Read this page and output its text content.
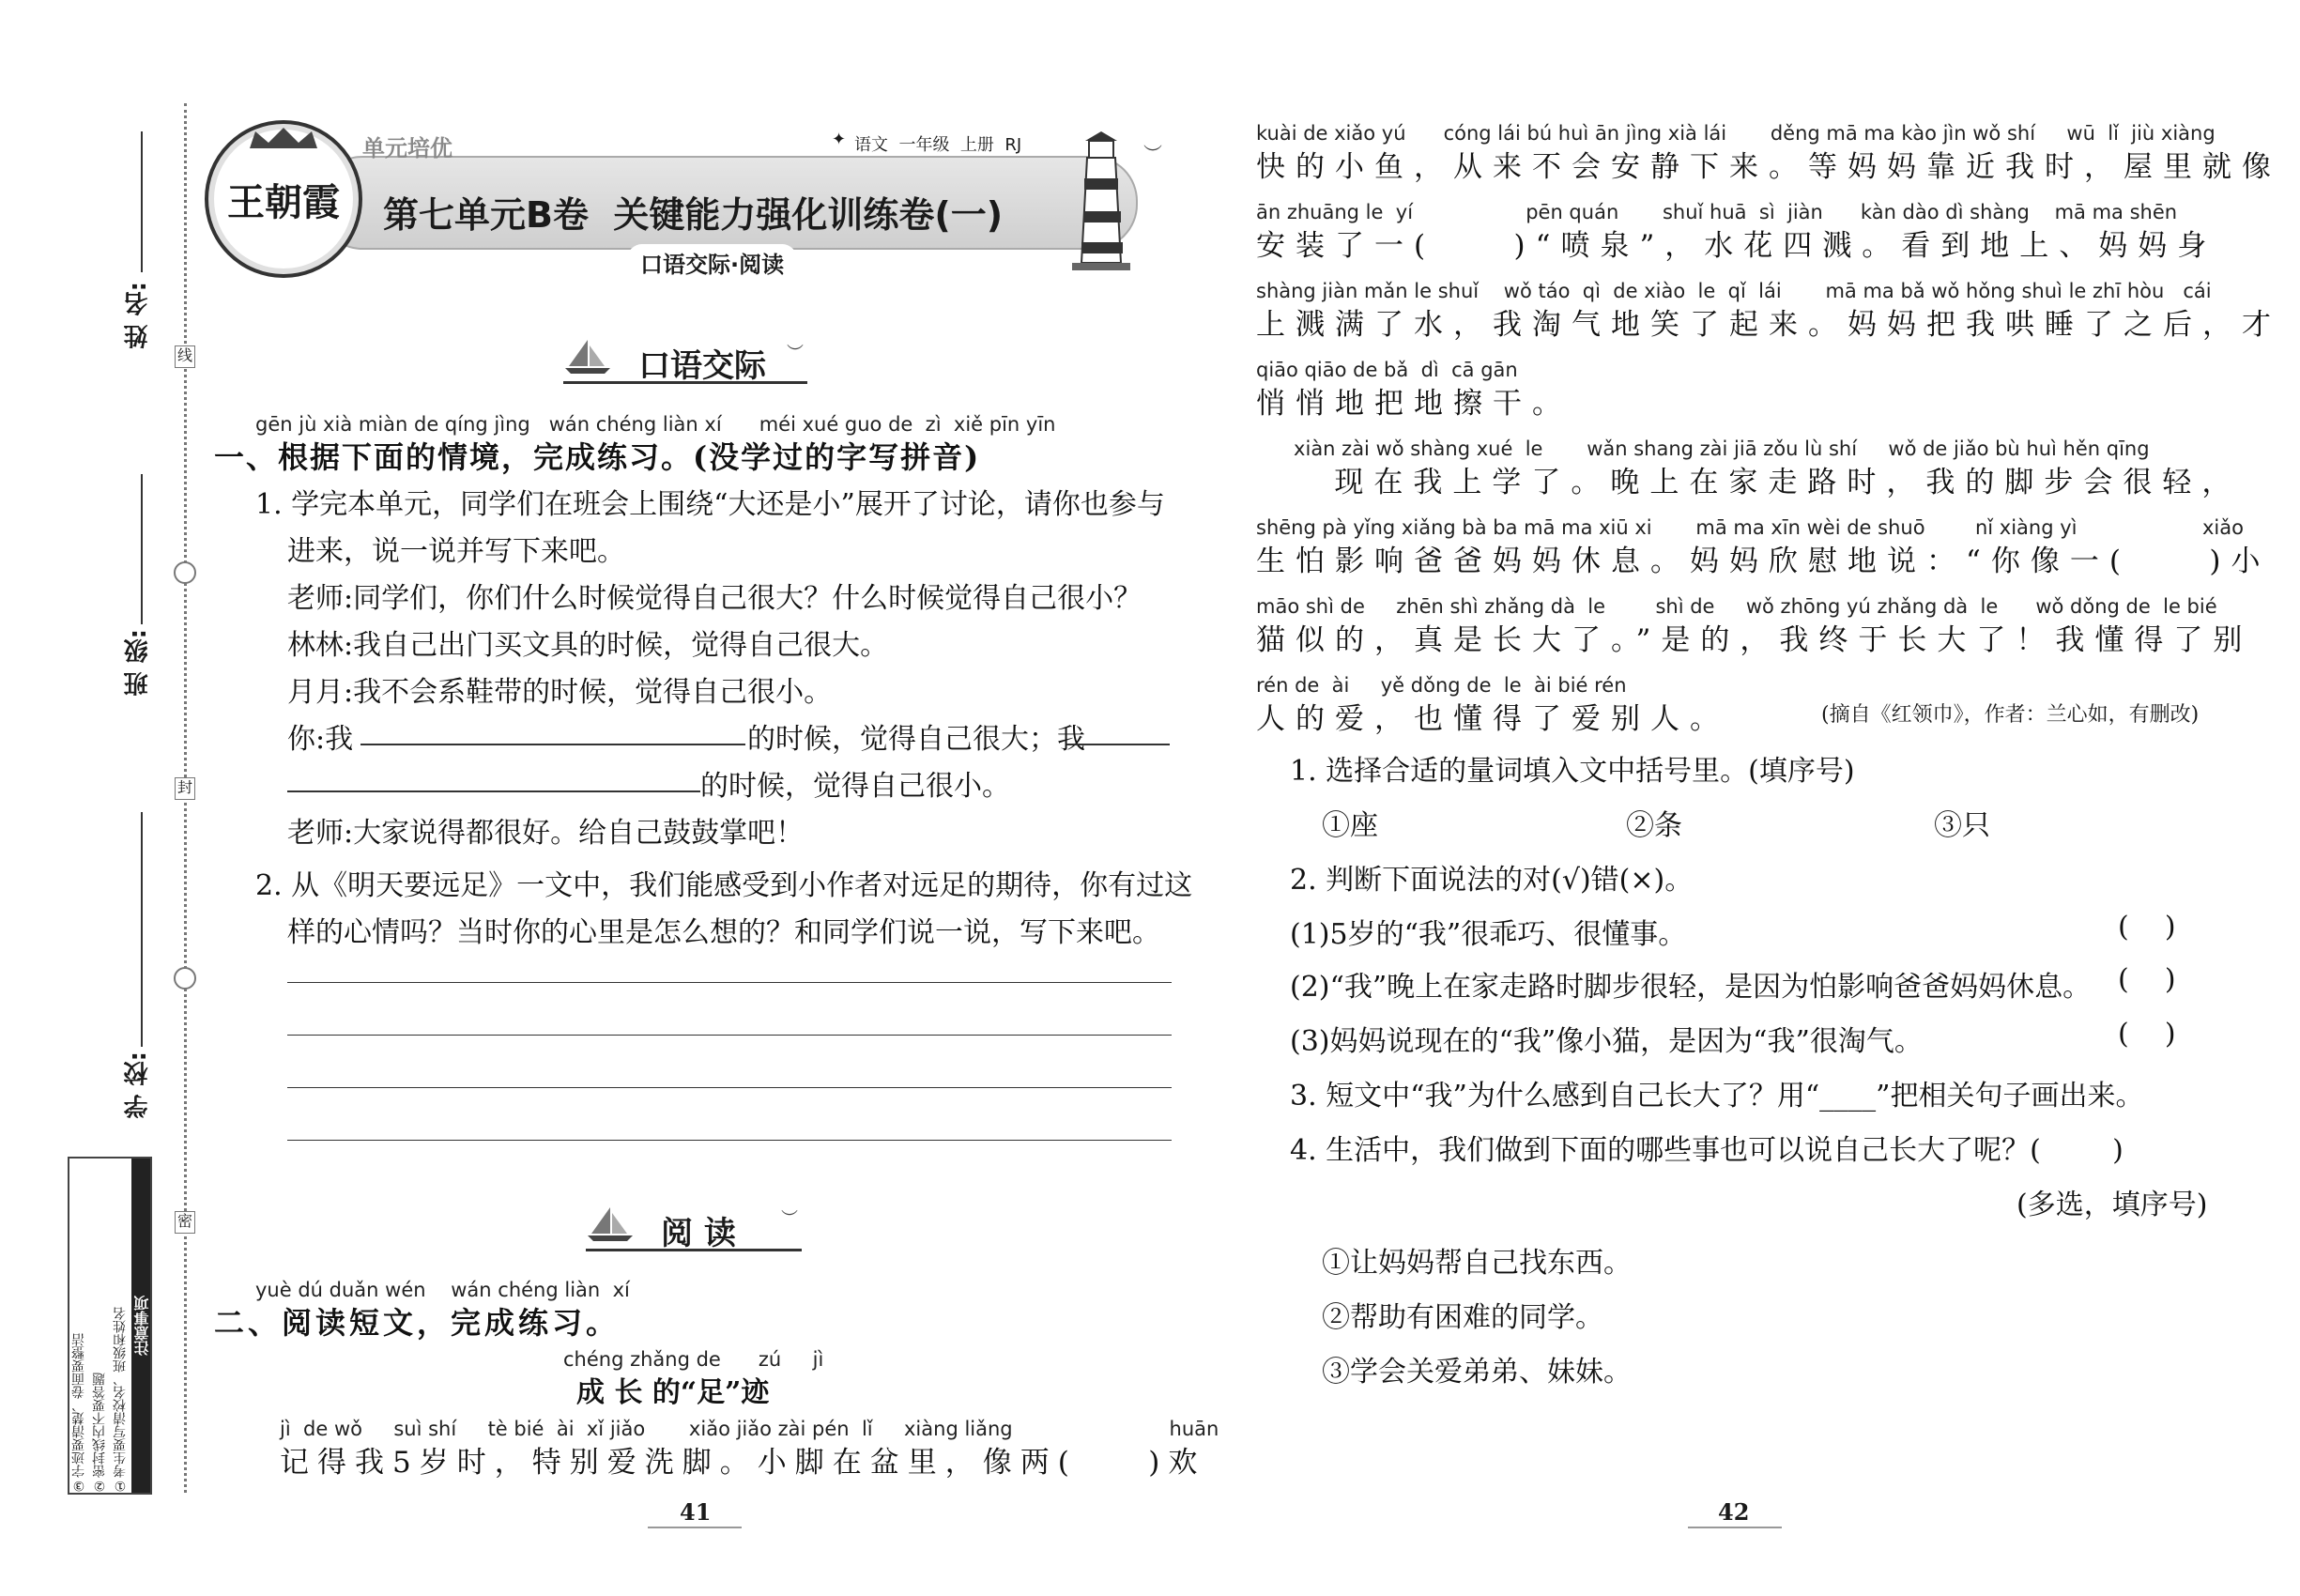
姓 名:
班 级:
学 校:
线
封
密
注意事项
①考生要写清校名、班级和姓名
②密封线内不要答题
③字迹要清楚、卷面要整洁
王朝霞
单元培优	✦ 语文  一年级  上册  RJ
第七单元B卷  关键能力强化训练卷(一)
口语交际·阅读
︶
口语交际 ︶
gēn jù xià miàn de qíng jìng   wán chéng liàn xí      méi xué guo de  zì  xiě pīn yīn
一、根据下面的情境，完成练习。(没学过的字写拼音)
1. 学完本单元，同学们在班会上围绕“大还是小”展开了讨论，请你也参与
进来，说一说并写下来吧。
老师:同学们，你们什么时候觉得自己很大？什么时候觉得自己很小？
林林:我自己出门买文具的时候，觉得自己很大。
月月:我不会系鞋带的时候，觉得自己很小。
你:我	的时候，觉得自己很大；我
的时候，觉得自己很小。
老师:大家说得都很好。给自己鼓鼓掌吧！
2. 从《明天要远足》一文中，我们能感受到小作者对远足的期待，你有过这
样的心情吗？当时你的心里是怎么想的？和同学们说一说，写下来吧。
阅 读	︶
yuè dú duǎn wén    wán chéng liàn  xí
二、阅读短文，完成练习。
chéng zhǎng de      zú     jì
成 长 的“足”迹
jì  de wǒ     suì shí     tè bié  ài  xǐ jiǎo       xiǎo jiǎo zài pén  lǐ     xiàng liǎng                         huān
记得我5岁时，特别爱洗脚。小脚在盆里，像两(    )欢
41
kuài de xiǎo yú      cóng lái bú huì ān jìng xià lái       děng mā ma kào jìn wǒ shí     wū  lǐ  jiù xiàng
快的小鱼，从来不会安静下来。等妈妈靠近我时，屋里就像
ān zhuāng le  yí                  pēn quán       shuǐ huā  sì  jiàn      kàn dào dì shàng    mā ma shēn
安装了一(    )“喷泉”，水花四溅。看到地上、妈妈身
shàng jiàn mǎn le shuǐ    wǒ táo  qì  de xiào  le  qǐ  lái       mā ma bǎ wǒ hǒng shuì le zhī hòu   cái
上溅满了水，我淘气地笑了起来。妈妈把我哄睡了之后，才
qiāo qiāo de bǎ  dì  cā gān
悄悄地把地擦干。
xiàn zài wǒ shàng xué  le       wǎn shang zài jiā zǒu lù shí     wǒ de jiǎo bù huì hěn qīng
现在我上学了。晚上在家走路时，我的脚步会很轻，
shēng pà yǐng xiǎng bà ba mā ma xiū xi       mā ma xīn wèi de shuō        nǐ xiàng yì                    xiǎo
生怕影响爸爸妈妈休息。妈妈欣慰地说：“你像一(    )小
māo shì de     zhēn shì zhǎng dà  le        shì de     wǒ zhōng yú zhǎng dà  le      wǒ dǒng de  le bié
猫似的，真是长大了。”是的，我终于长大了！我懂得了别
rén de  ài     yě dǒng de  le  ài bié rén
人的爱，也懂得了爱别人。	(摘自《红领巾》，作者：兰心如，有删改)
1. 选择合适的量词填入文中括号里。(填序号)
①座	②条	③只
2. 判断下面说法的对(√)错(×)。
(1)5岁的“我”很乖巧、很懂事。	(    )
(2)“我”晚上在家走路时脚步很轻，是因为怕影响爸爸妈妈休息。 (    )
(3)妈妈说现在的“我”像小猫，是因为“我”很淘气。	(    )
3. 短文中“我”为什么感到自己长大了？用“____”把相关句子画出来。
4. 生活中，我们做到下面的哪些事也可以说自己长大了呢？(        )
(多选，填序号)
①让妈妈帮自己找东西。
②帮助有困难的同学。
③学会关爱弟弟、妹妹。
42
